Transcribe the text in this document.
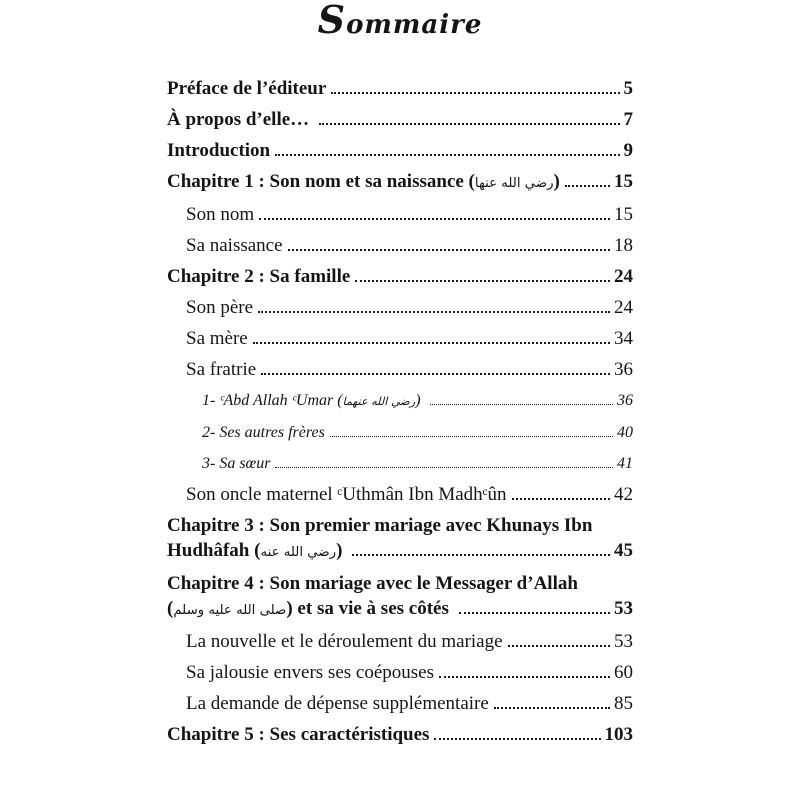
Sommaire
Préface de l’éditeur	5
À propos d’elle…	7
Introduction	9
Chapitre 1 : Son nom et sa naissance (رضي الله عنها)	15
Son nom	15
Sa naissance	18
Chapitre 2 : Sa famille	24
Son père	24
Sa mère	34
Sa fratrie	36
1- ᶜAbd Allah ᶜUmar (رضي الله عنهما)	36
2- Ses autres frères	40
3- Sa sœur	41
Son oncle maternel ᶜUthmân Ibn Madhᶜûn	42
Chapitre 3 : Son premier mariage avec Khunays Ibn
Hudhâfah (رضي الله عنه)	45
Chapitre 4 : Son mariage avec le Messager d’Allah
(صلى الله عليه وسلم) et sa vie à ses côtés	53
La nouvelle et le déroulement du mariage	53
Sa jalousie envers ses coépouses	60
La demande de dépense supplémentaire	85
Chapitre 5 : Ses caractéristiques	103
